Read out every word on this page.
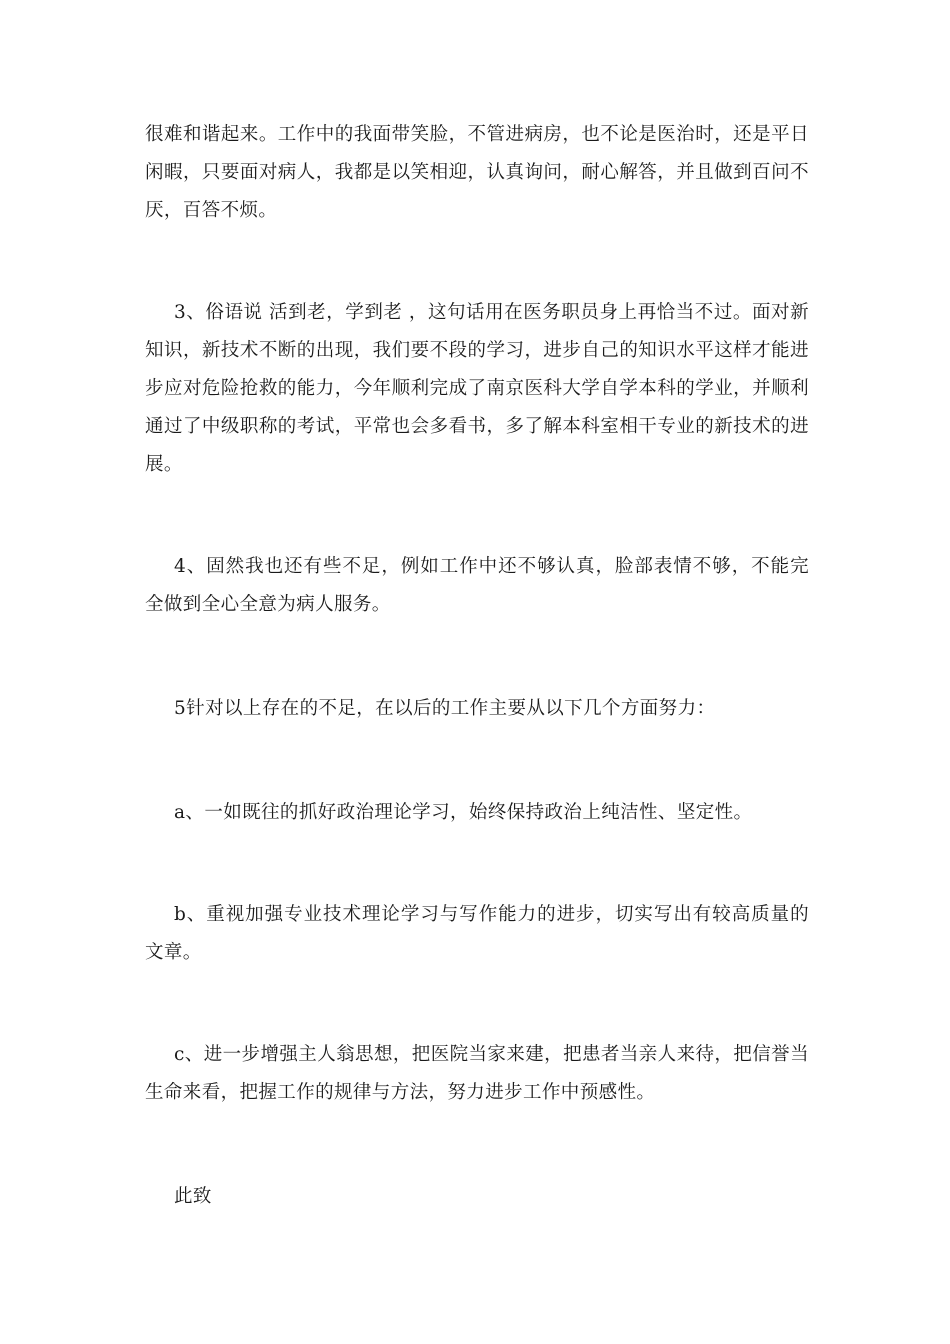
很难和谐起来。工作中的我面带笑脸，不管进病房，也不论是医治时，还是平日闲暇，只要面对病人，我都是以笑相迎，认真询问，耐心解答，并且做到百问不厌，百答不烦。

3、俗语说 活到老，学到老 ，这句话用在医务职员身上再恰当不过。面对新知识，新技术不断的出现，我们要不段的学习，进步自己的知识水平这样才能进步应对危险抢救的能力，今年顺利完成了南京医科大学自学本科的学业，并顺利通过了中级职称的考试，平常也会多看书，多了解本科室相干专业的新技术的进展。

4、固然我也还有些不足，例如工作中还不够认真，脸部表情不够，不能完全做到全心全意为病人服务。

5针对以上存在的不足，在以后的工作主要从以下几个方面努力：

a、一如既往的抓好政治理论学习，始终保持政治上纯洁性、坚定性。

b、重视加强专业技术理论学习与写作能力的进步，切实写出有较高质量的文章。

c、进一步增强主人翁思想，把医院当家来建，把患者当亲人来待，把信誉当生命来看，把握工作的规律与方法，努力进步工作中预感性。

此致
